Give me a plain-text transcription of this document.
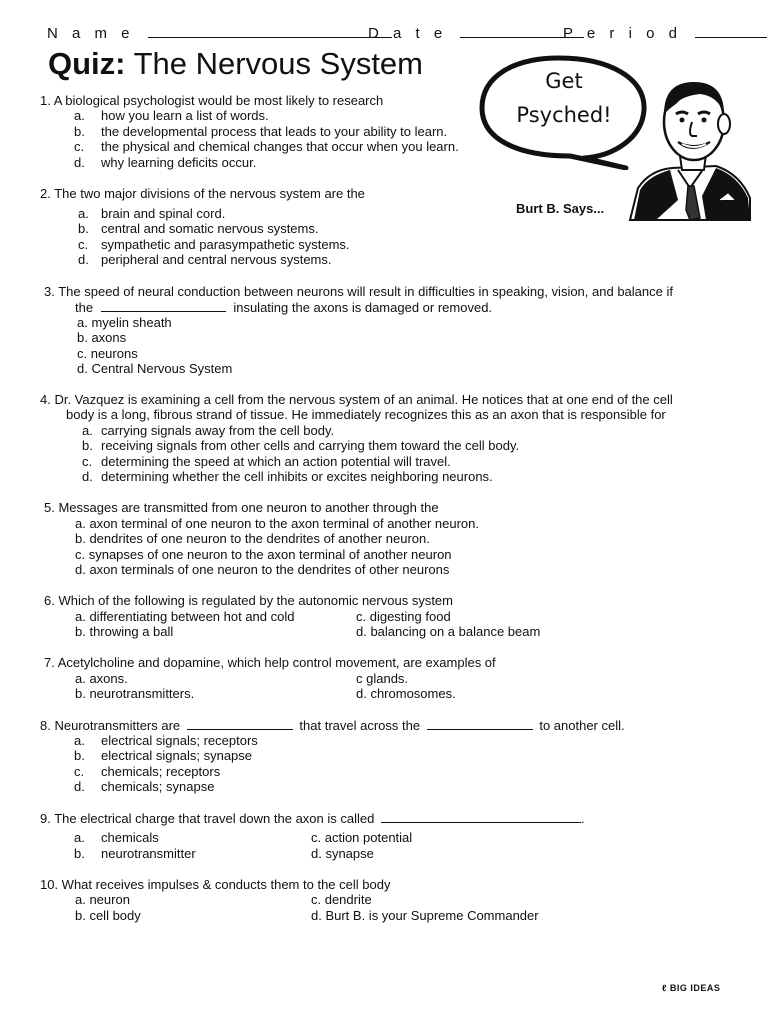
N a m e	D a t e	P e r i o d
Quiz: The Nervous System	Get
Psyched!
Burt B. Says...
1. A biological psychologist would be most likely to research
a. how you learn a list of words.
b. the developmental process that leads to your ability to learn.
c. the physical and chemical changes that occur when you learn.
d. why learning deficits occur.
2. The two major divisions of the nervous system are the
a. brain and spinal cord.
b. central and somatic nervous systems.
c. sympathetic and parasympathetic systems.
d. peripheral and central nervous systems.
3. The speed of neural conduction between neurons will result in difficulties in speaking, vision, and balance if
the	insulating the axons is damaged or removed.
a. myelin sheath
b. axons
c. neurons
d. Central Nervous System
4. Dr. Vazquez is examining a cell from the nervous system of an animal. He notices that at one end of the cell
body is a long, fibrous strand of tissue. He immediately recognizes this as an axon that is responsible for
a. carrying signals away from the cell body.
b. receiving signals from other cells and carrying them toward the cell body.
c. determining the speed at which an action potential will travel.
d. determining whether the cell inhibits or excites neighboring neurons.
5. Messages are transmitted from one neuron to another through the
a. axon terminal of one neuron to the axon terminal of another neuron.
b. dendrites of one neuron to the dendrites of another neuron.
c. synapses of one neuron to the axon terminal of another neuron
d. axon terminals of one neuron to the dendrites of other neurons
6. Which of the following is regulated by the autonomic nervous system
a. differentiating between hot and cold
b. throwing a ball
c. digesting food
d. balancing on a balance beam
7. Acetylcholine and dopamine, which help control movement, are examples of
a. axons.
b. neurotransmitters.
c glands.
d. chromosomes.
8. Neurotransmitters are	that travel across the	to another cell.
a. electrical signals; receptors
b. electrical signals; synapse
c. chemicals; receptors
d. chemicals; synapse
9. The electrical charge that travel down the axon is called	.
a. chemicals
b. neurotransmitter
c. action potential
d. synapse
10. What receives impulses & conducts them to the cell body
a. neuron
b. cell body
c. dendrite
d. Burt B. is your Supreme Commander
ℓ BIG IDEAS
